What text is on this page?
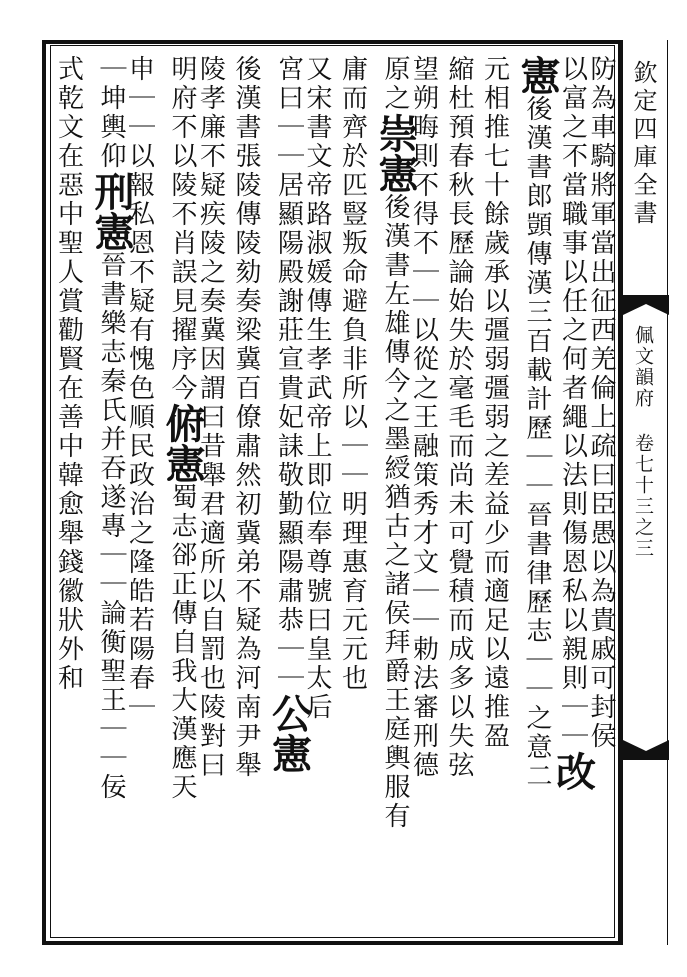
欽定四庫全書
佩文韻府 卷七十三之三
防為車騎將軍當出征西羌倫上疏曰臣愚以為貴戚可封侯
以富之不當職事以任之何者繩以法則傷恩私以親則｜｜改
憲後漢書郎顗傳漢三百載計歷｜｜晉書律歷志｜｜之意二
元相推七十餘歲承以彊弱彊弱之差益少而適足以遠推盈
縮杜預春秋長歷論始失於毫毛而尚未可覺積而成多以失弦
望朔晦則不得不｜｜以從之王融策秀才文｜｜勅法審刑德
原之崇憲後漢書左雄傳今之墨綬猶古之諸侯拜爵王庭輿服有
庸而齊於匹豎叛命避負非所以｜｜明理惠育元元也
又宋書文帝路淑媛傳生孝武帝上即位奉尊號曰皇太后
宮曰｜｜居顯陽殿謝莊宣貴妃誄敬勤顯陽肅恭｜｜公憲
後漢書張陵傳陵劾奏梁冀百僚肅然初冀弟不疑為河南尹舉
陵孝廉不疑疾陵之奏冀因謂曰昔舉君適所以自罰也陵對曰
明府不以陵不肖誤見擢序今俯憲蜀志郤正傳自我大漢應天
申｜｜以報私恩不疑有愧色順民政治之隆皓若陽春｜
｜坤輿仰刑憲晉書樂志秦氏并吞遂專｜｜論衡聖王｜｜佞
式乾文在惡中聖人賞勸賢在善中韓愈舉錢徽狀外和
